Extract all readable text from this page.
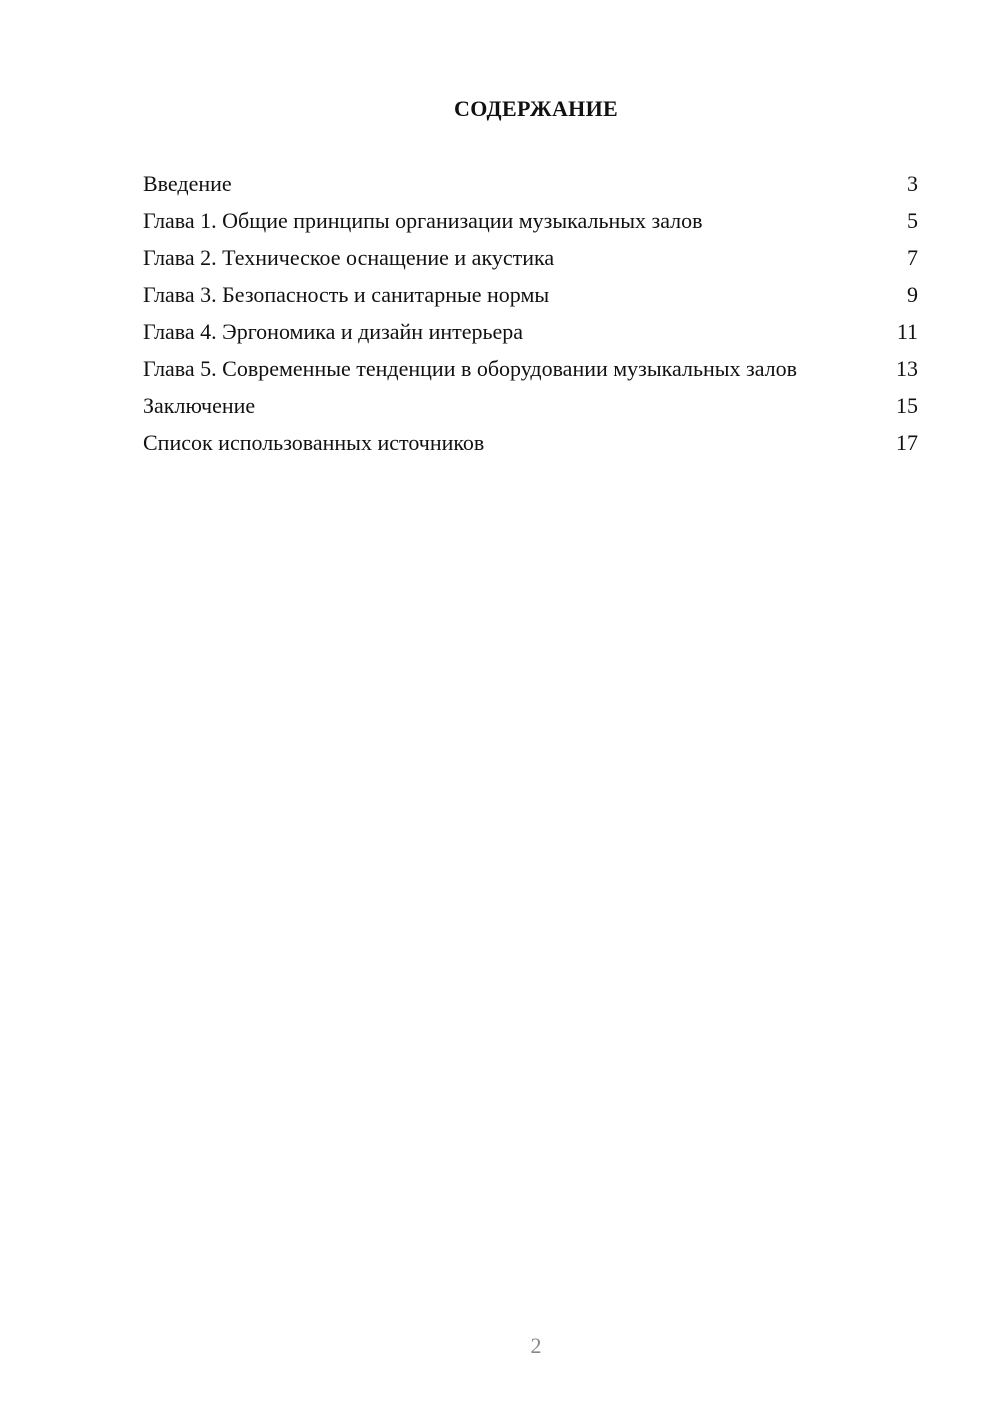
СОДЕРЖАНИЕ
Введение	3
Глава 1. Общие принципы организации музыкальных залов	5
Глава 2. Техническое оснащение и акустика	7
Глава 3. Безопасность и санитарные нормы	9
Глава 4. Эргономика и дизайн интерьера	11
Глава 5. Современные тенденции в оборудовании музыкальных залов	13
Заключение	15
Список использованных источников	17
2
